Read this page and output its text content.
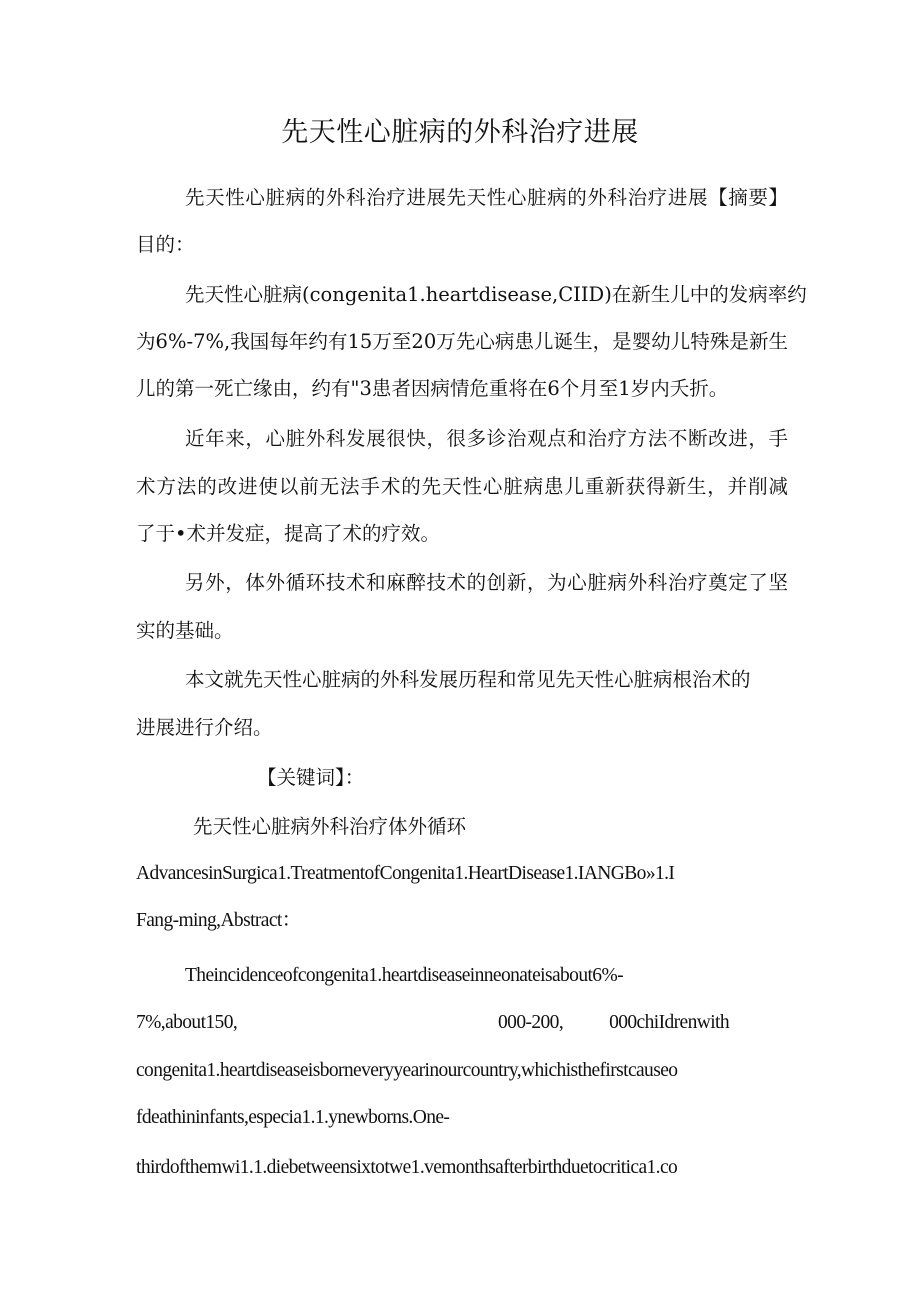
先天性心脏病的外科治疗进展
先天性心脏病的外科治疗进展先天性心脏病的外科治疗进展【摘要】
目的：
先天性心脏病(congenita1.heartdisease,CIID)在新生儿中的发病率约
为6%-7%,我国每年约有15万至20万先心病患儿诞生，是婴幼儿特殊是新生
儿的第一死亡缘由，约有"3患者因病情危重将在6个月至1岁内夭折。
近年来，心脏外科发展很快，很多诊治观点和治疗方法不断改进，手
术方法的改进使以前无法手术的先天性心脏病患儿重新获得新生，并削减
了于•术并发症，提高了术的疗效。
另外，体外循环技术和麻醉技术的创新，为心脏病外科治疗奠定了坚
实的基础。
本文就先天性心脏病的外科发展历程和常见先天性心脏病根治术的
进展进行介绍。
【关键词】：
先天性心脏病外科治疗体外循环
AdvancesinSurgica1.TreatmentofCongenita1.HeartDisease1.IANGBo»1.I
Fang-ming,Abstract：
Theincidenceofcongenita1.heartdiseaseinneonateisabout6%-
7%,about150,	000-200, 000chiIdrenwith
congenita1.heartdiseaseisborneveryyearinourcountry,whichisthefirstcauseo
fdeathininfants,especia1.1.ynewborns.One-
thirdofthemwi1.1.diebetweensixtotwe1.vemonthsafterbirthduetocritica1.co
